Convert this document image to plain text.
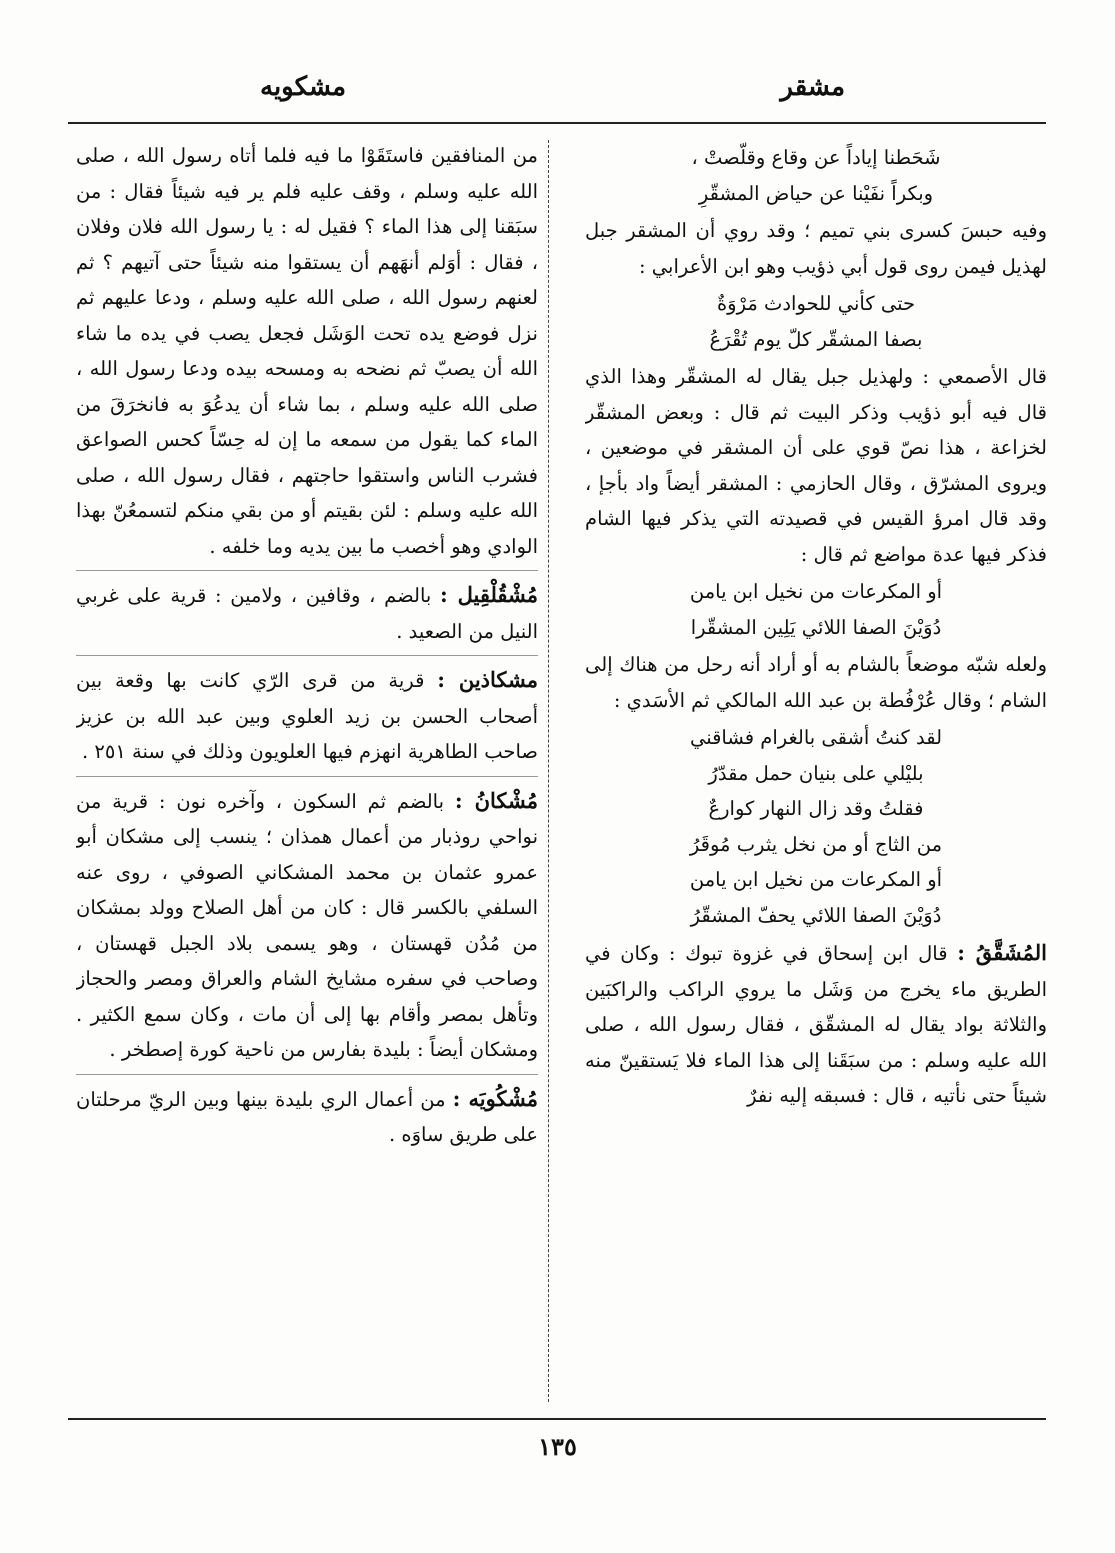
مشقر
مشكويه
شَحَطنا إياداً عن وقاع وقلّصتْ ،
وبكراً نفَيْنا عن حياض المشقّرِ

وفيه حبسَ كسرى بني تميم ؛ وقد روي أن المشقر جبل لهذيل فيمن روى قول أبي ذؤيب وهو ابن الأعرابي :

حتى كأني للحوادث مَرْوَةٌ
بصفا المشقّر كلّ يوم تُقْرَعُ

قال الأصمعي : ولهذيل جبل يقال له المشقّر وهذا الذي قال فيه أبو ذؤيب وذكر البيت ثم قال : وبعض المشقّر لخزاعة ، هذا نصّ قوي على أن المشقر في موضعين ، ويروى المشرّق ، وقال الحازمي : المشقر أيضاً واد بأجإ ، وقد قال امرؤ القيس في قصيدته التي يذكر فيها الشام فذكر فيها عدة مواضع ثم قال :

أو المكرعات من نخيل ابن يامن
دُوَيْنَ الصفا اللائي يَلِين المشقّرا

ولعله شبّه موضعاً بالشام به أو أراد أنه رحل من هناك إلى الشام ؛ وقال عُرْفُطة بن عبد الله المالكي ثم الأسَدي :

لقد كنتُ أشقى بالغرام فشاقني
بليْلي على بنيان حمل مقدّرُ
فقلتُ وقد زال النهار كوارعٌ
من الثاج أو من نخل يثرب مُوقَرُ
أو المكرعات من نخيل ابن يامن
دُوَيْنَ الصفا اللائي يحفّ المشقّرُ

المُشَقَّقُ : قال ابن إسحاق في غزوة تبوك : وكان في الطريق ماء يخرج من وَشَل ما يروي الراكب والراكبَين والثلاثة بواد يقال له المشقّق ، فقال رسول الله ، صلى الله عليه وسلم : من سبَقَنا إلى هذا الماء فلا يَستقينّ منه شيئاً حتى نأتيه ، قال : فسبقه إليه نفرٌ

من المنافقين فاستَقَوْا ما فيه فلما أتاه رسول الله ، صلى الله عليه وسلم ، وقف عليه فلم ير فيه شيئاً فقال : من سبَقنا إلى هذا الماء ؟ فقيل له : يا رسول الله فلان وفلان ، فقال : أوَلم أنهَهم أن يستقوا منه شيئاً حتى آتيهم ؟ ثم لعنهم رسول الله ، صلى الله عليه وسلم ، ودعا عليهم ثم نزل فوضع يده تحت الوَشَل فجعل يصب في يده ما شاء الله أن يصبّ ثم نضحه به ومسحه بيده ودعا رسول الله ، صلى الله عليه وسلم ، بما شاء أن يدعُوَ به فانخرَقَ من الماء كما يقول من سمعه ما إن له حِسّاً كحس الصواعق فشرب الناس واستقوا حاجتهم ، فقال رسول الله ، صلى الله عليه وسلم : لئن بقيتم أو من بقي منكم لتسمعُنّ بهذا الوادي وهو أخصب ما بين يديه وما خلفه .

مُشْقُلْقِيل : بالضم ، وقافين ، ولامين : قرية على غربي النيل من الصعيد .

مشكاذين : قرية من قرى الرّي كانت بها وقعة بين أصحاب الحسن بن زيد العلوي وبين عبد الله بن عزيز صاحب الطاهرية انهزم فيها العلويون وذلك في سنة ٢٥١ .

مُشْكانُ : بالضم ثم السكون ، وآخره نون : قرية من نواحي روذبار من أعمال همذان ؛ ينسب إلى مشكان أبو عمرو عثمان بن محمد المشكاني الصوفي ، روى عنه السلفي بالكسر قال : كان من أهل الصلاح وولد بمشكان من مُدُن قهستان ، وهو يسمى بلاد الجبل قهستان ، وصاحب في سفره مشايخ الشام والعراق ومصر والحجاز وتأهل بمصر وأقام بها إلى أن مات ، وكان سمع الكثير . ومشكان أيضاً : بليدة بفارس من ناحية كورة إصطخر .

مُشْكُويَه : من أعمال الري بليدة بينها وبين الريّ مرحلتان على طريق ساوَه .

١٣٥
